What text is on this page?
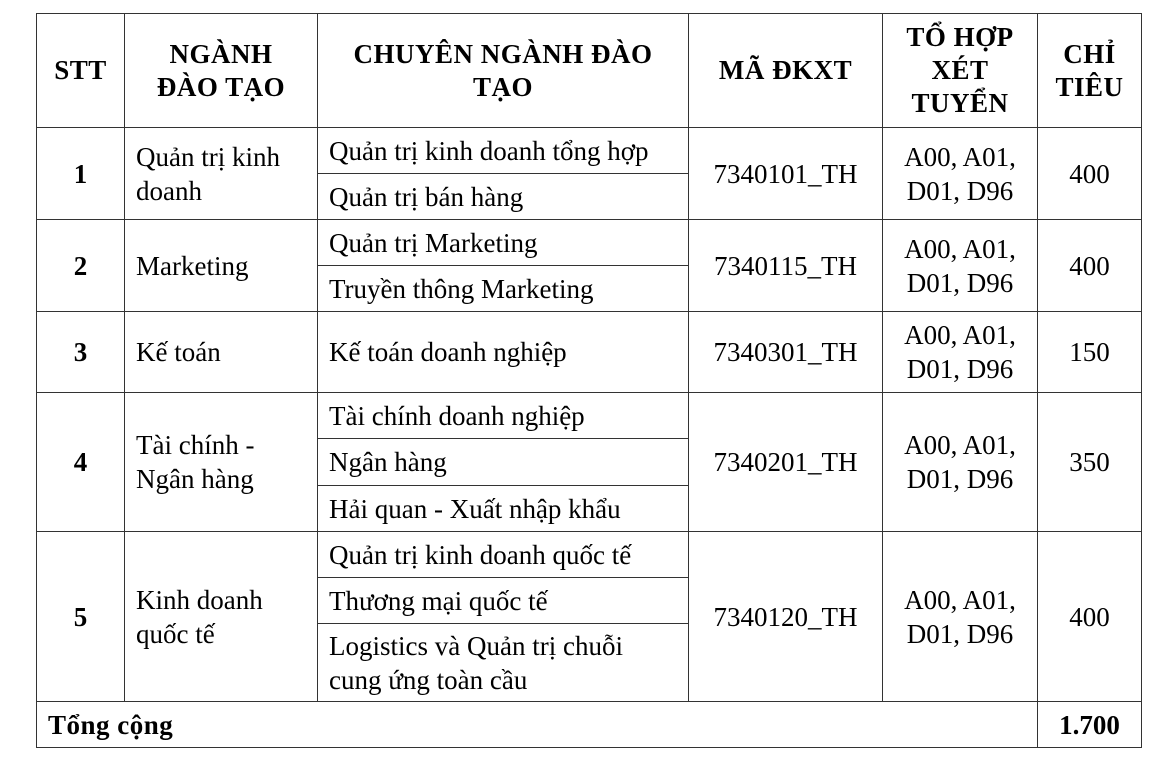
STT	NGÀNH ĐÀO TẠO	CHUYÊN NGÀNH ĐÀO TẠO	MÃ ĐKXT	TỔ HỢP XÉT TUYỂN	CHỈ TIÊU
1	Quản trị kinh doanh	Quản trị kinh doanh tổng hợp	7340101_TH	A00, A01, D01, D96	400
		Quản trị bán hàng			
2	Marketing	Quản trị Marketing	7340115_TH	A00, A01, D01, D96	400
		Truyền thông Marketing			
3	Kế toán	Kế toán doanh nghiệp	7340301_TH	A00, A01, D01, D96	150
4	Tài chính - Ngân hàng	Tài chính doanh nghiệp	7340201_TH	A00, A01, D01, D96	350
		Ngân hàng			
		Hải quan - Xuất nhập khẩu			
5	Kinh doanh quốc tế	Quản trị kinh doanh quốc tế	7340120_TH	A00, A01, D01, D96	400
		Thương mại quốc tế			
		Logistics và Quản trị chuỗi cung ứng toàn cầu			
Tổng cộng					1.700
